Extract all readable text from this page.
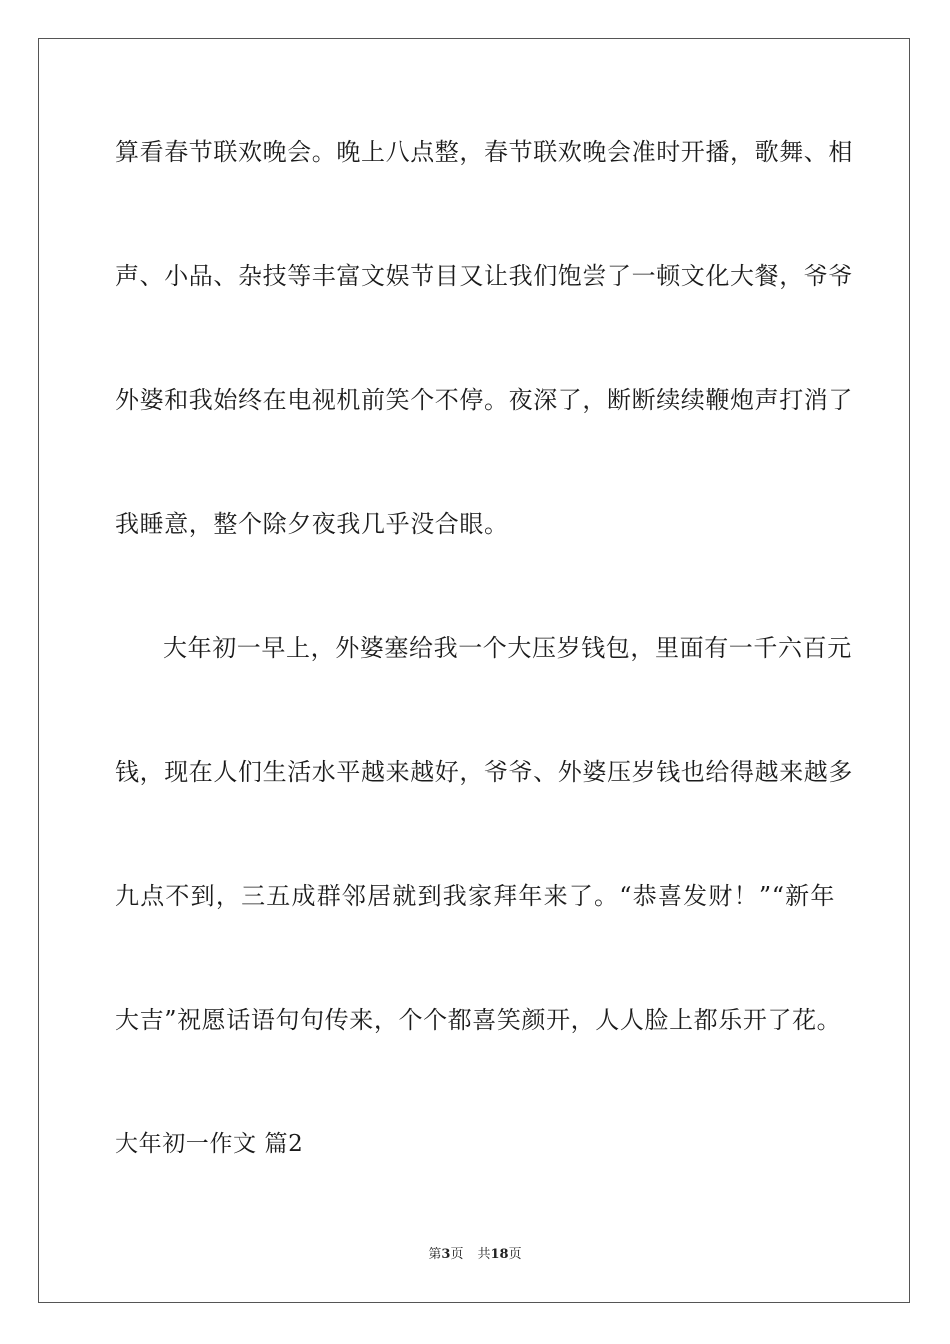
算看春节联欢晚会。晚上八点整，春节联欢晚会准时开播，歌舞、相
声、小品、杂技等丰富文娱节目又让我们饱尝了一顿文化大餐，爷爷
外婆和我始终在电视机前笑个不停。夜深了，断断续续鞭炮声打消了
我睡意，整个除夕夜我几乎没合眼。
大年初一早上，外婆塞给我一个大压岁钱包，里面有一千六百元
钱，现在人们生活水平越来越好，爷爷、外婆压岁钱也给得越来越多
九点不到，三五成群邻居就到我家拜年来了。“恭喜发财！”“新年
大吉”祝愿话语句句传来，个个都喜笑颜开，人人脸上都乐开了花。
大年初一作文 篇2
第3页 共18页
